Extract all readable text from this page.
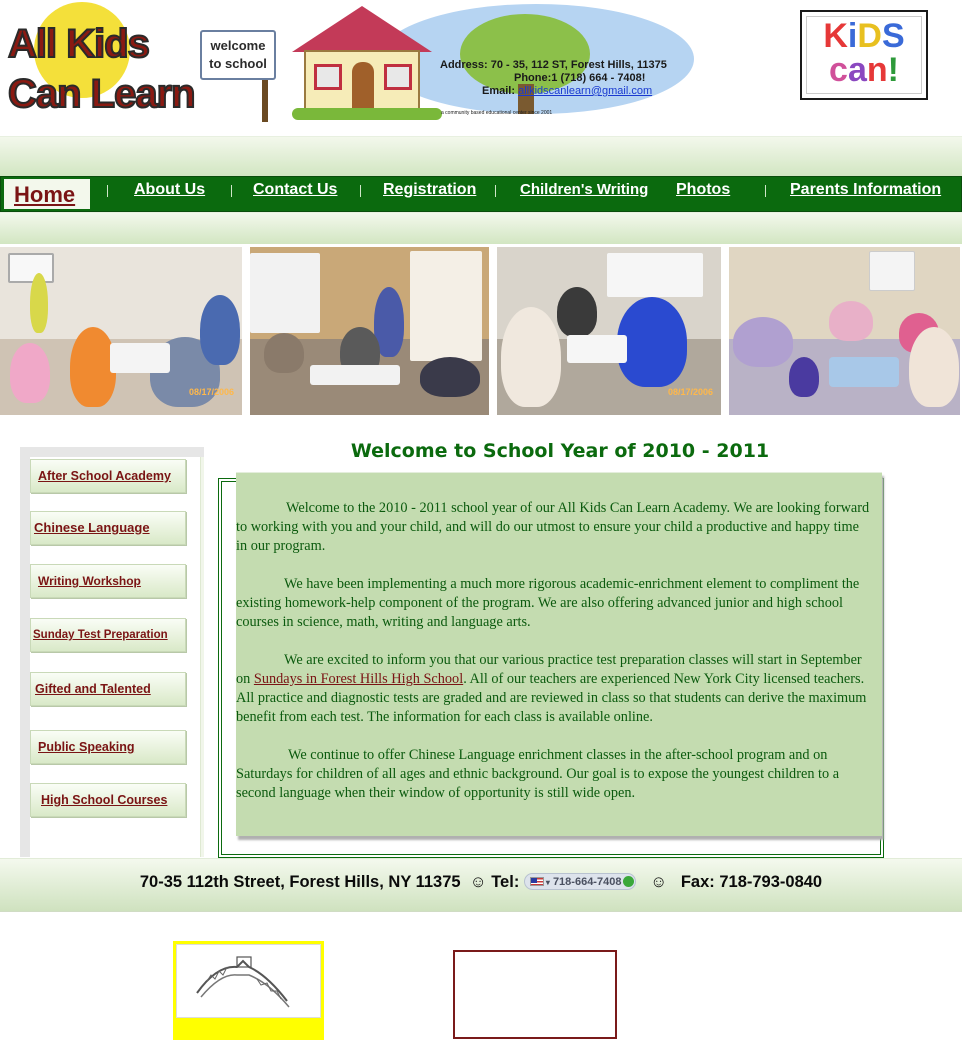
All Kids
Can Learn
welcome
to school	Address: 70 - 35, 112 ST, Forest Hills, 11375
Phone:1 (718) 664 - 7408!
Email: allkidscanlearn@gmail.com
a community based educational center since 2001
KiDS
can!
Home	About Us	Contact Us	Registration	Children's Writing Photos	Parents Information
08/17/2006	08/17/2006
After School Academy
Chinese Language
Writing Workshop
Sunday Test Preparation
Gifted and Talented
Public Speaking
High School Courses
Welcome to School Year of 2010 - 2011

Welcome to the 2010 - 2011 school year of our All Kids Can Learn Academy. We are looking forward to working with you and your child, and will do our utmost to ensure your child a productive and happy time in our program.

We have been implementing a much more rigorous academic-enrichment element to compliment the existing homework-help component of the program. We are also offering advanced junior and high school courses in science, math, writing and language arts.

We are excited to inform you that our various practice test preparation classes will start in September on Sundays in Forest Hills High School. All of our teachers are experienced New York City licensed teachers. All practice and diagnostic tests are graded and are reviewed in class so that students can derive the maximum benefit from each test. The information for each class is available online.

We continue to offer Chinese Language enrichment classes in the after-school program and on Saturdays for children of all ages and ethnic background. Our goal is to expose the youngest children to a second language when their window of opportunity is still wide open.

70-35 112th Street, Forest Hills, NY 11375 ☺ Tel:	▾ 718-664-7408 ☺ Fax: 718-793-0840
